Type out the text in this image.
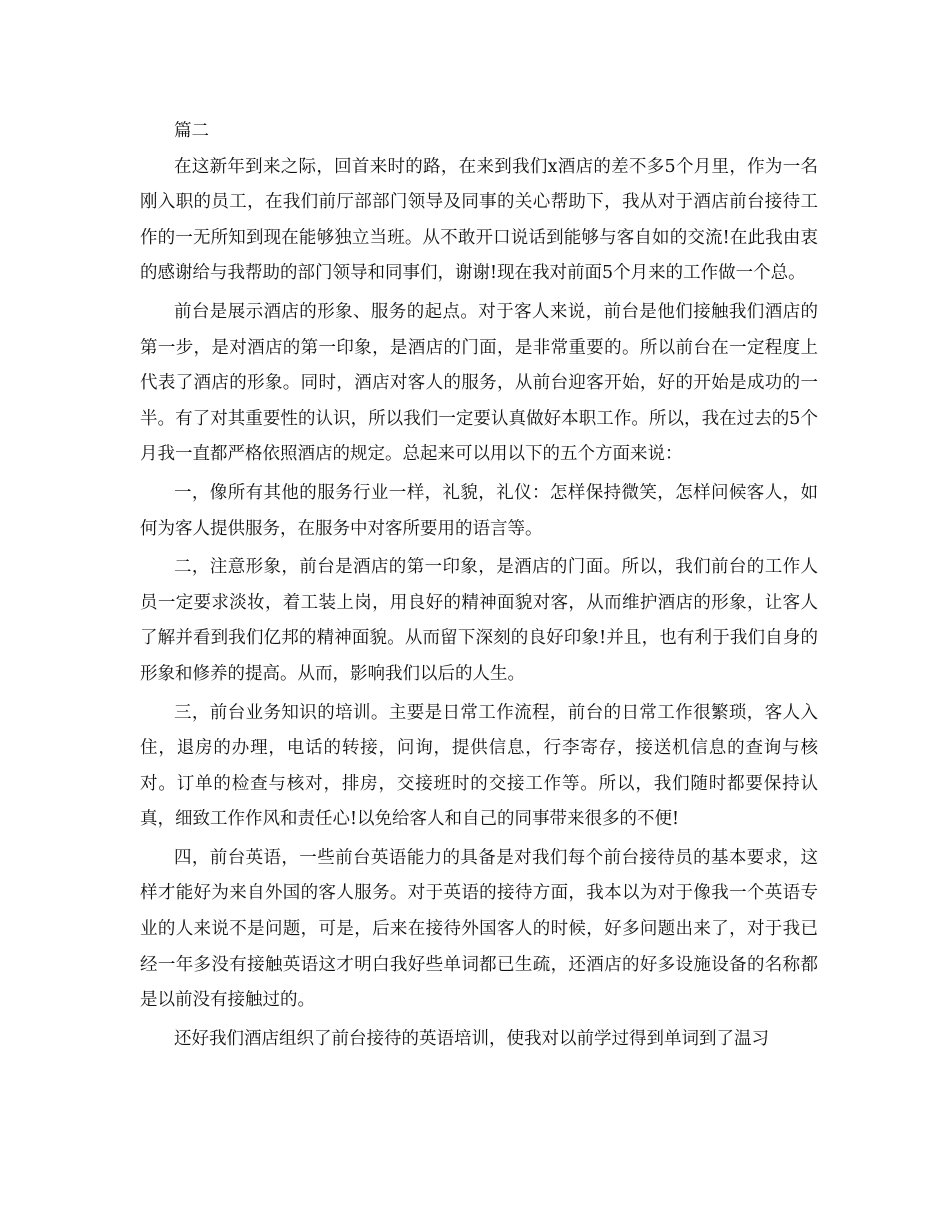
篇二

在这新年到来之际，回首来时的路，在来到我们x酒店的差不多5个月里，作为一名刚入职的员工，在我们前厅部部门领导及同事的关心帮助下，我从对于酒店前台接待工作的一无所知到现在能够独立当班。从不敢开口说话到能够与客自如的交流!在此我由衷的感谢给与我帮助的部门领导和同事们，谢谢!现在我对前面5个月来的工作做一个总。

前台是展示酒店的形象、服务的起点。对于客人来说，前台是他们接触我们酒店的第一步，是对酒店的第一印象，是酒店的门面，是非常重要的。所以前台在一定程度上代表了酒店的形象。同时，酒店对客人的服务，从前台迎客开始，好的开始是成功的一半。有了对其重要性的认识，所以我们一定要认真做好本职工作。所以，我在过去的5个月我一直都严格依照酒店的规定。总起来可以用以下的五个方面来说：

一，像所有其他的服务行业一样，礼貌，礼仪：怎样保持微笑，怎样问候客人，如何为客人提供服务，在服务中对客所要用的语言等。

二，注意形象，前台是酒店的第一印象，是酒店的门面。所以，我们前台的工作人员一定要求淡妆，着工装上岗，用良好的精神面貌对客，从而维护酒店的形象，让客人了解并看到我们亿邦的精神面貌。从而留下深刻的良好印象!并且，也有利于我们自身的形象和修养的提高。从而，影响我们以后的人生。

三，前台业务知识的培训。主要是日常工作流程，前台的日常工作很繁琐，客人入住，退房的办理，电话的转接，问询，提供信息，行李寄存，接送机信息的查询与核对。订单的检查与核对，排房，交接班时的交接工作等。所以，我们随时都要保持认真，细致工作作风和责任心!以免给客人和自己的同事带来很多的不便!

四，前台英语，一些前台英语能力的具备是对我们每个前台接待员的基本要求，这样才能好为来自外国的客人服务。对于英语的接待方面，我本以为对于像我一个英语专业的人来说不是问题，可是，后来在接待外国客人的时候，好多问题出来了，对于我已经一年多没有接触英语这才明白我好些单词都已生疏，还酒店的好多设施设备的名称都是以前没有接触过的。

还好我们酒店组织了前台接待的英语培训，使我对以前学过得到单词到了温习
